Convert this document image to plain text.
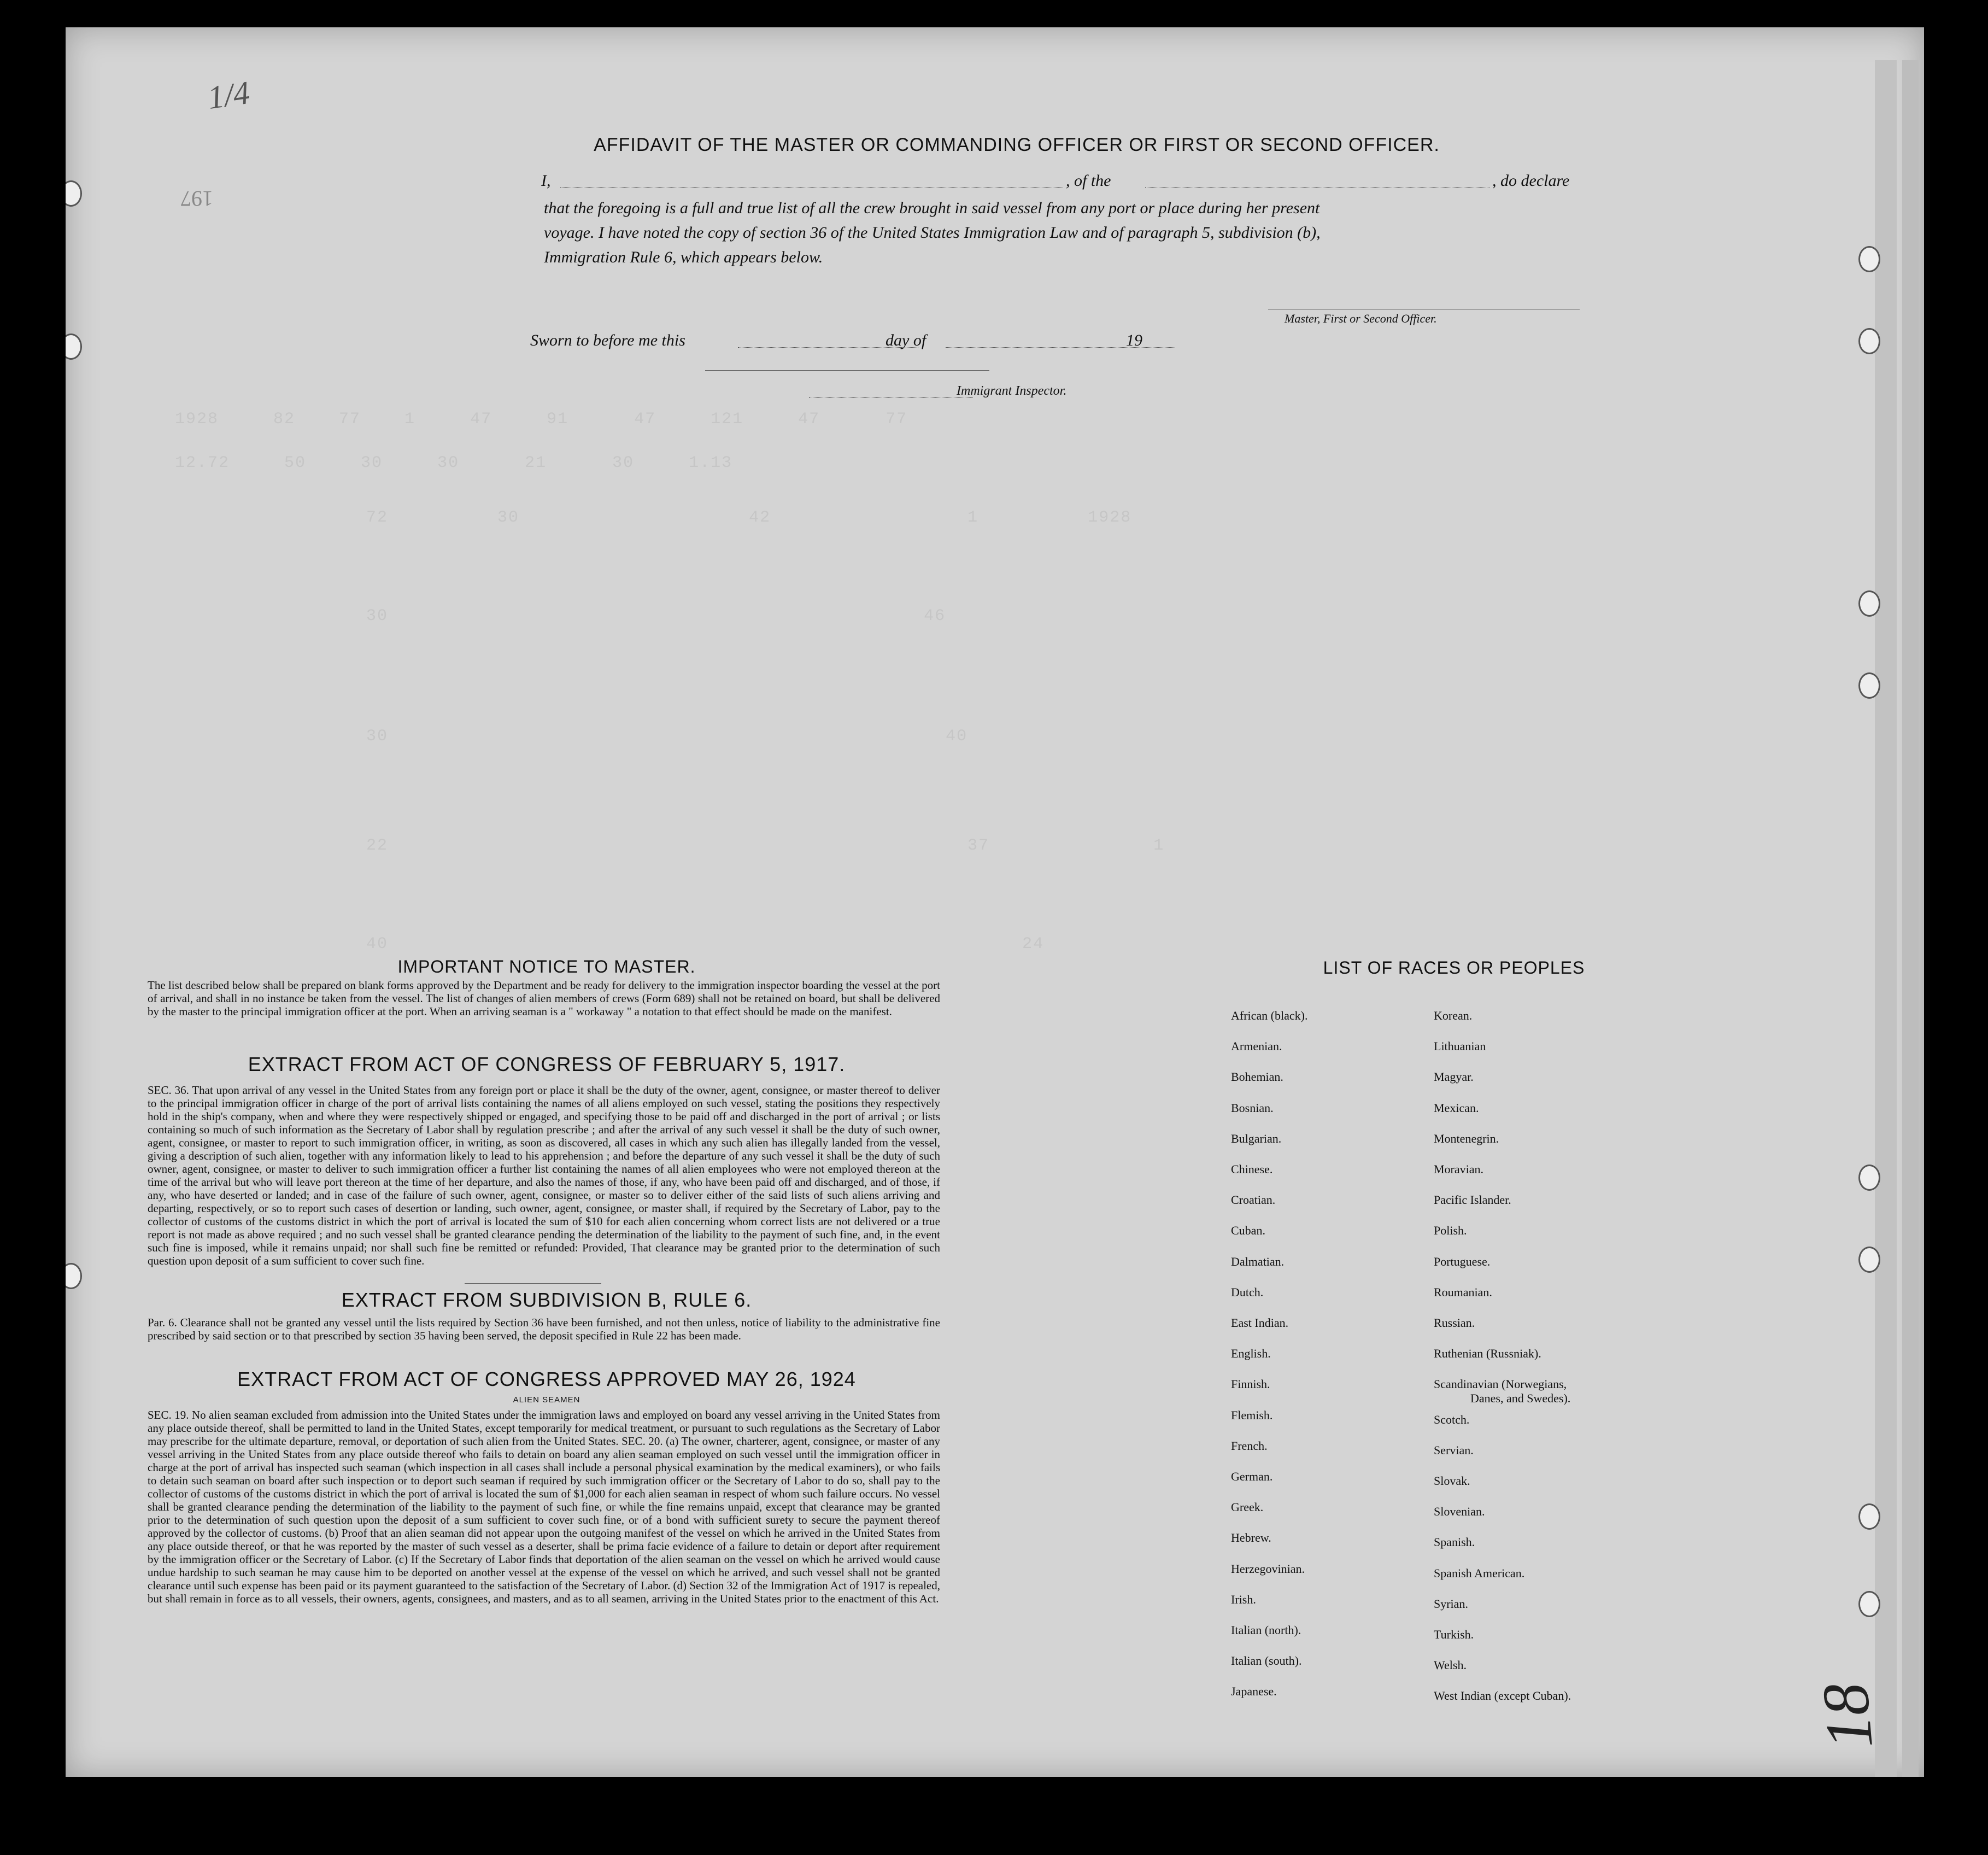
1928     82    77    1     47     91      47     121     47      77
12.72     50     30     30      21      30     1.13
72          30                     42                  1          1928
30                                                 46
30                                                   40
22                                                     37               1
40                                                          24
1/4
197
18
AFFIDAVIT OF THE MASTER OR COMMANDING OFFICER OR FIRST OR SECOND OFFICER.
I,	, of the	, do declare
that the foregoing is a full and true list of all the crew brought in said vessel from any port or place during her present
voyage. I have noted the copy of section 36 of the United States Immigration Law and of paragraph 5, subdivision (b),
Immigration Rule 6, which appears below.
Master, First or Second Officer.
Sworn to before me this	day of	19
Immigrant Inspector.
IMPORTANT NOTICE TO MASTER.
The list described below shall be prepared on blank forms approved by the Department and be ready for delivery to the immigration inspector boarding the vessel at the port of arrival, and shall in no instance be taken from the vessel. The list of changes of alien members of crews (Form 689) shall not be retained on board, but shall be delivered by the master to the principal immigration officer at the port. When an arriving seaman is a " workaway " a notation to that effect should be made on the manifest.
EXTRACT FROM ACT OF CONGRESS OF FEBRUARY 5, 1917.
SEC. 36. That upon arrival of any vessel in the United States from any foreign port or place it shall be the duty of the owner, agent, consignee, or master thereof to deliver to the principal immigration officer in charge of the port of arrival lists containing the names of all aliens employed on such vessel, stating the positions they respectively hold in the ship's company, when and where they were respectively shipped or engaged, and specifying those to be paid off and discharged in the port of arrival ; or lists containing so much of such information as the Secretary of Labor shall by regulation prescribe ; and after the arrival of any such vessel it shall be the duty of such owner, agent, consignee, or master to report to such immigration officer, in writing, as soon as discovered, all cases in which any such alien has illegally landed from the vessel, giving a description of such alien, together with any information likely to lead to his apprehension ; and before the departure of any such vessel it shall be the duty of such owner, agent, consignee, or master to deliver to such immigration officer a further list containing the names of all alien employees who were not employed thereon at the time of the arrival but who will leave port thereon at the time of her departure, and also the names of those, if any, who have been paid off and discharged, and of those, if any, who have deserted or landed; and in case of the failure of such owner, agent, consignee, or master so to deliver either of the said lists of such aliens arriving and departing, respectively, or so to report such cases of desertion or landing, such owner, agent, consignee, or master shall, if required by the Secretary of Labor, pay to the collector of customs of the customs district in which the port of arrival is located the sum of $10 for each alien concerning whom correct lists are not delivered or a true report is not made as above required ; and no such vessel shall be granted clearance pending the determination of the liability to the payment of such fine, and, in the event such fine is imposed, while it remains unpaid; nor shall such fine be remitted or refunded: Provided, That clearance may be granted prior to the determination of such question upon deposit of a sum sufficient to cover such fine.
EXTRACT FROM SUBDIVISION B, RULE 6.
Par. 6. Clearance shall not be granted any vessel until the lists required by Section 36 have been furnished, and not then unless, notice of liability to the administrative fine prescribed by said section or to that prescribed by section 35 having been served, the deposit specified in Rule 22 has been made.
EXTRACT FROM ACT OF CONGRESS APPROVED MAY 26, 1924
ALIEN SEAMEN
SEC. 19. No alien seaman excluded from admission into the United States under the immigration laws and employed on board any vessel arriving in the United States from any place outside thereof, shall be permitted to land in the United States, except temporarily for medical treatment, or pursuant to such regulations as the Secretary of Labor may prescribe for the ultimate departure, removal, or deportation of such alien from the United States. SEC. 20. (a) The owner, charterer, agent, consignee, or master of any vessel arriving in the United States from any place outside thereof who fails to detain on board any alien seaman employed on such vessel until the immigration officer in charge at the port of arrival has inspected such seaman (which inspection in all cases shall include a personal physical examination by the medical examiners), or who fails to detain such seaman on board after such inspection or to deport such seaman if required by such immigration officer or the Secretary of Labor to do so, shall pay to the collector of customs of the customs district in which the port of arrival is located the sum of $1,000 for each alien seaman in respect of whom such failure occurs. No vessel shall be granted clearance pending the determination of the liability to the payment of such fine, or while the fine remains unpaid, except that clearance may be granted prior to the determination of such question upon the deposit of a sum sufficient to cover such fine, or of a bond with sufficient surety to secure the payment thereof approved by the collector of customs. (b) Proof that an alien seaman did not appear upon the outgoing manifest of the vessel on which he arrived in the United States from any place outside thereof, or that he was reported by the master of such vessel as a deserter, shall be prima facie evidence of a failure to detain or deport after requirement by the immigration officer or the Secretary of Labor. (c) If the Secretary of Labor finds that deportation of the alien seaman on the vessel on which he arrived would cause undue hardship to such seaman he may cause him to be deported on another vessel at the expense of the vessel on which he arrived, and such vessel shall not be granted clearance until such expense has been paid or its payment guaranteed to the satisfaction of the Secretary of Labor. (d) Section 32 of the Immigration Act of 1917 is repealed, but shall remain in force as to all vessels, their owners, agents, consignees, and masters, and as to all seamen, arriving in the United States prior to the enactment of this Act.
LIST OF RACES OR PEOPLES
African (black).
Armenian.
Bohemian.
Bosnian.
Bulgarian.
Chinese.
Croatian.
Cuban.
Dalmatian.
Dutch.
East Indian.
English.
Finnish.
Flemish.
French.
German.
Greek.
Hebrew.
Herzegovinian.
Irish.
Italian (north).
Italian (south).
Japanese.
Korean.
Lithuanian
Magyar.
Mexican.
Montenegrin.
Moravian.
Pacific Islander.
Polish.
Portuguese.
Roumanian.
Russian.
Ruthenian (Russniak).
Scandinavian (Norwegians,
Danes, and Swedes).
Scotch.
Servian.
Slovak.
Slovenian.
Spanish.
Spanish American.
Syrian.
Turkish.
Welsh.
West Indian (except Cuban).
